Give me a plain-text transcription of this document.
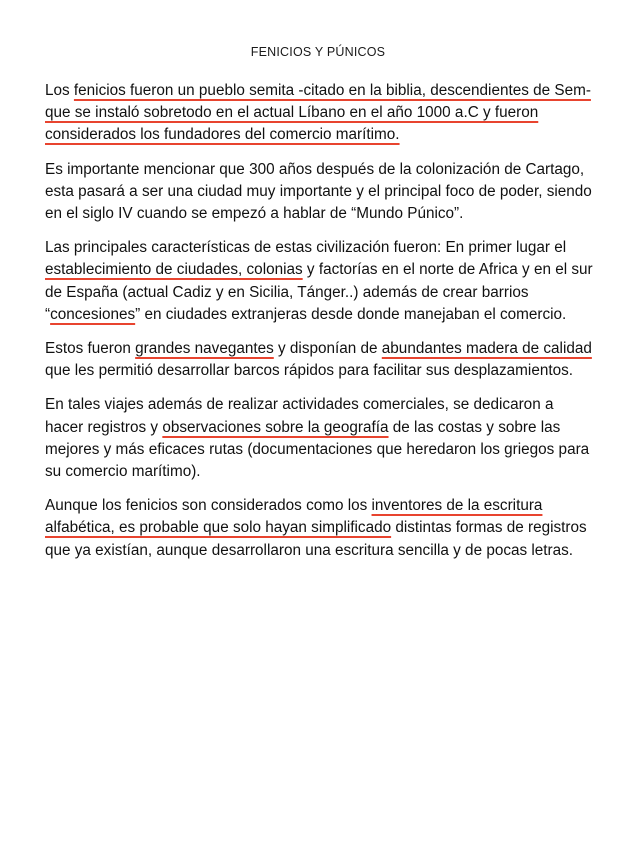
FENICIOS Y PÚNICOS

Los fenicios fueron un pueblo semita -citado en la biblia, descendientes de Sem- que se instaló sobretodo en el actual Líbano en el año 1000 a.C y fueron considerados los fundadores del comercio marítimo.

Es importante mencionar que 300 años después de la colonización de Cartago, esta pasará a ser una ciudad muy importante y el principal foco de poder, siendo en el siglo IV cuando se empezó a hablar de “Mundo Púnico”.

Las principales características de estas civilización fueron: En primer lugar el establecimiento de ciudades, colonias y factorías en el norte de Africa y en el sur de España (actual Cadiz y en Sicilia, Tánger..) además de crear barrios “concesiones” en ciudades extranjeras desde donde manejaban el comercio.

Estos fueron grandes navegantes y disponían de abundantes madera de calidad que les permitió desarrollar barcos rápidos para facilitar sus desplazamientos.

En tales viajes además de realizar actividades comerciales, se dedicaron a hacer registros y observaciones sobre la geografía de las costas y sobre las mejores y más eficaces rutas (documentaciones que heredaron los griegos para su comercio marítimo).

Aunque los fenicios son considerados como los inventores de la escritura alfabética, es probable que solo hayan simplificado distintas formas de registros que ya existían, aunque desarrollaron una escritura sencilla y de pocas letras.
